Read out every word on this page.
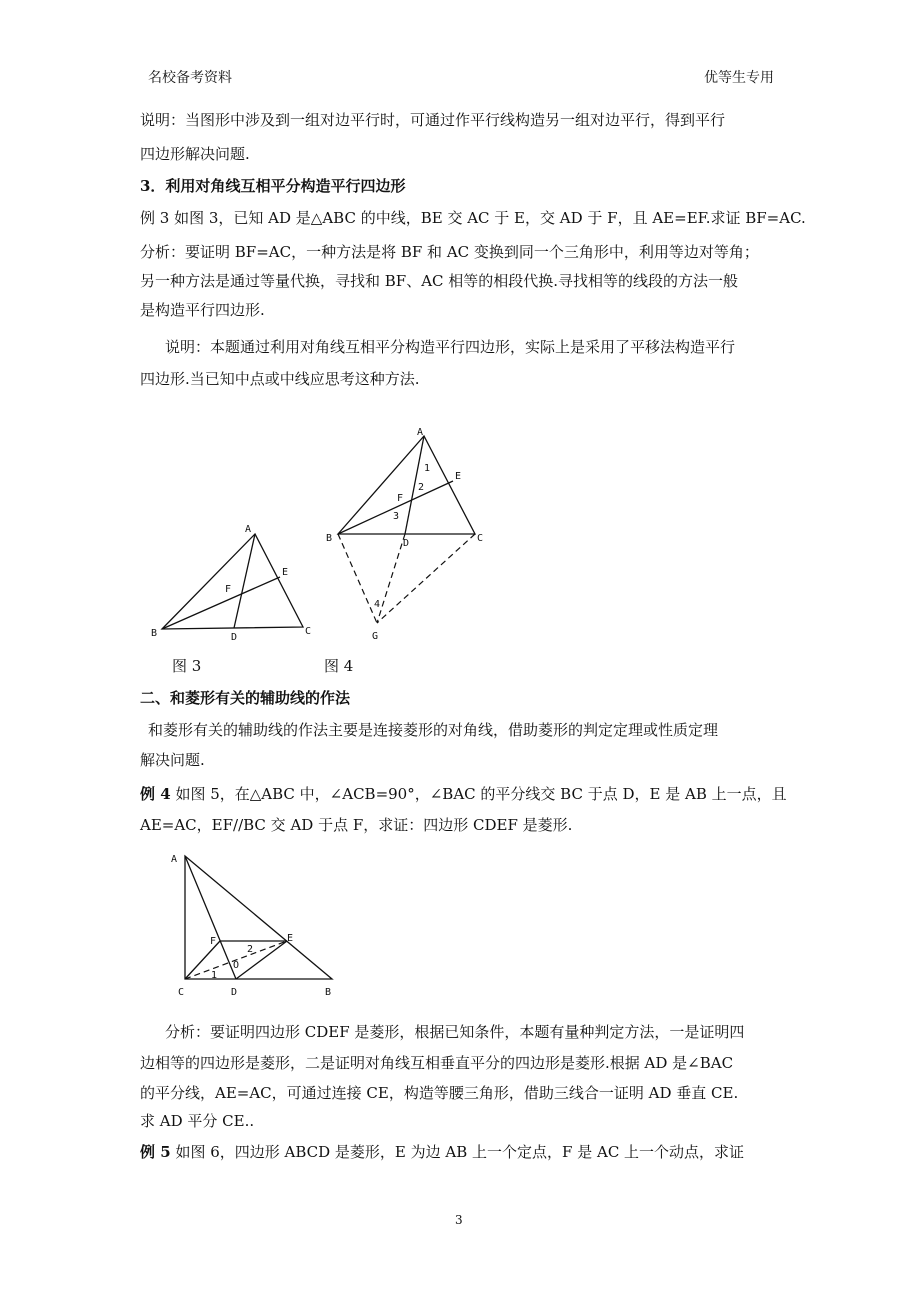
名校备考资料	优等生专用
说明：当图形中涉及到一组对边平行时，可通过作平行线构造另一组对边平行，得到平行
四边形解决问题.
3．利用对角线互相平分构造平行四边形
例 3 如图 3，已知 AD 是△ABC 的中线，BE 交 AC 于 E，交 AD 于 F，且 AE=EF.求证 BF=AC.
分析：要证明 BF=AC，一种方法是将 BF 和 AC 变换到同一个三角形中，利用等边对等角；
另一种方法是通过等量代换，寻找和 BF、AC 相等的相段代换.寻找相等的线段的方法一般
是构造平行四边形.
说明：本题通过利用对角线互相平分构造平行四边形，实际上是采用了平移法构造平行
四边形.当已知中点或中线应思考这种方法.
A
B	C
D
E
F
图 3
A
B	C
D
E
F
G
1
2
3
4
图 4
二、和菱形有关的辅助线的作法
和菱形有关的辅助线的作法主要是连接菱形的对角线，借助菱形的判定定理或性质定理
解决问题.
例 4 如图 5，在△ABC 中，∠ACB=90°，∠BAC 的平分线交 BC 于点 D，E 是 AB 上一点，且
AE=AC，EF//BC 交 AD 于点 F，求证：四边形 CDEF 是菱形.
A
B
C	D
E
F
O
1
2
分析：要证明四边形 CDEF 是菱形，根据已知条件，本题有量种判定方法，一是证明四
边相等的四边形是菱形，二是证明对角线互相垂直平分的四边形是菱形.根据 AD 是∠BAC
的平分线，AE=AC，可通过连接 CE，构造等腰三角形，借助三线合一证明 AD 垂直 CE.
求 AD 平分 CE..
例 5 如图 6，四边形 ABCD 是菱形，E 为边 AB 上一个定点，F 是 AC 上一个动点，求证
3
